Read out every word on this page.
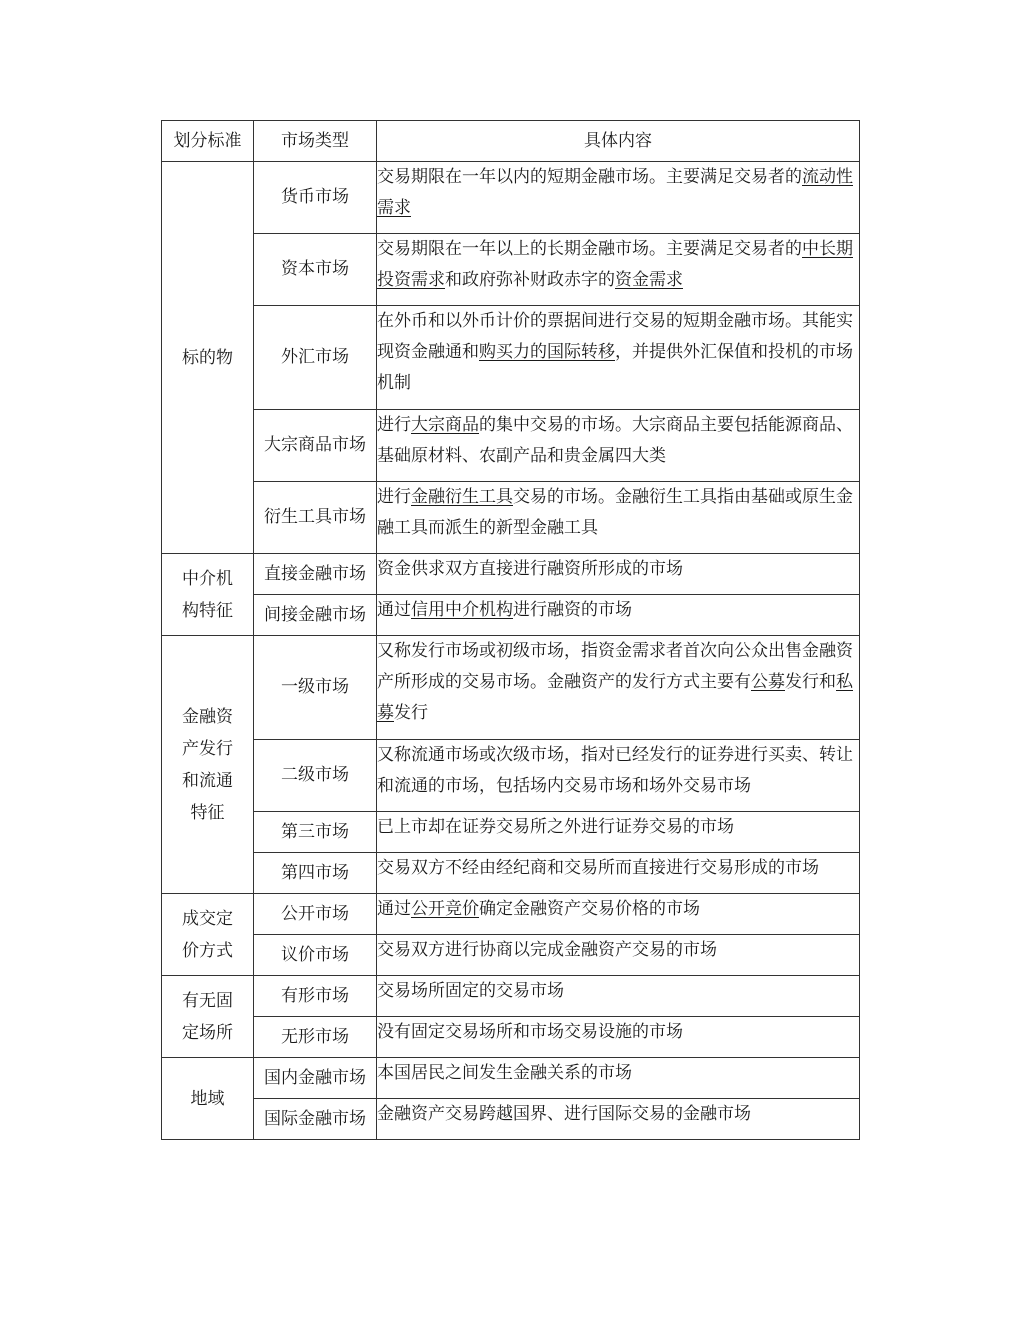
划分标准	市场类型	具体内容

标的物	货币市场	交易期限在一年以内的短期金融市场。主要满足交易者的流动性需求
	资本市场	交易期限在一年以上的长期金融市场。主要满足交易者的中长期投资需求和政府弥补财政赤字的资金需求
	外汇市场	在外币和以外币计价的票据间进行交易的短期金融市场。其能实现资金融通和购买力的国际转移，并提供外汇保值和投机的市场机制
	大宗商品市场	进行大宗商品的集中交易的市场。大宗商品主要包括能源商品、基础原材料、农副产品和贵金属四大类
	衍生工具市场	进行金融衍生工具交易的市场。金融衍生工具指由基础或原生金融工具而派生的新型金融工具

中介机构特征	直接金融市场	资金供求双方直接进行融资所形成的市场
	间接金融市场	通过信用中介机构进行融资的市场

金融资产发行和流通特征	一级市场	又称发行市场或初级市场，指资金需求者首次向公众出售金融资产所形成的交易市场。金融资产的发行方式主要有公募发行和私募发行
	二级市场	又称流通市场或次级市场，指对已经发行的证券进行买卖、转让和流通的市场，包括场内交易市场和场外交易市场
	第三市场	已上市却在证券交易所之外进行证券交易的市场
	第四市场	交易双方不经由经纪商和交易所而直接进行交易形成的市场

成交定价方式	公开市场	通过公开竞价确定金融资产交易价格的市场
	议价市场	交易双方进行协商以完成金融资产交易的市场

有无固定场所	有形市场	交易场所固定的交易市场
	无形市场	没有固定交易场所和市场交易设施的市场

地域	国内金融市场	本国居民之间发生金融关系的市场
	国际金融市场	金融资产交易跨越国界、进行国际交易的金融市场
